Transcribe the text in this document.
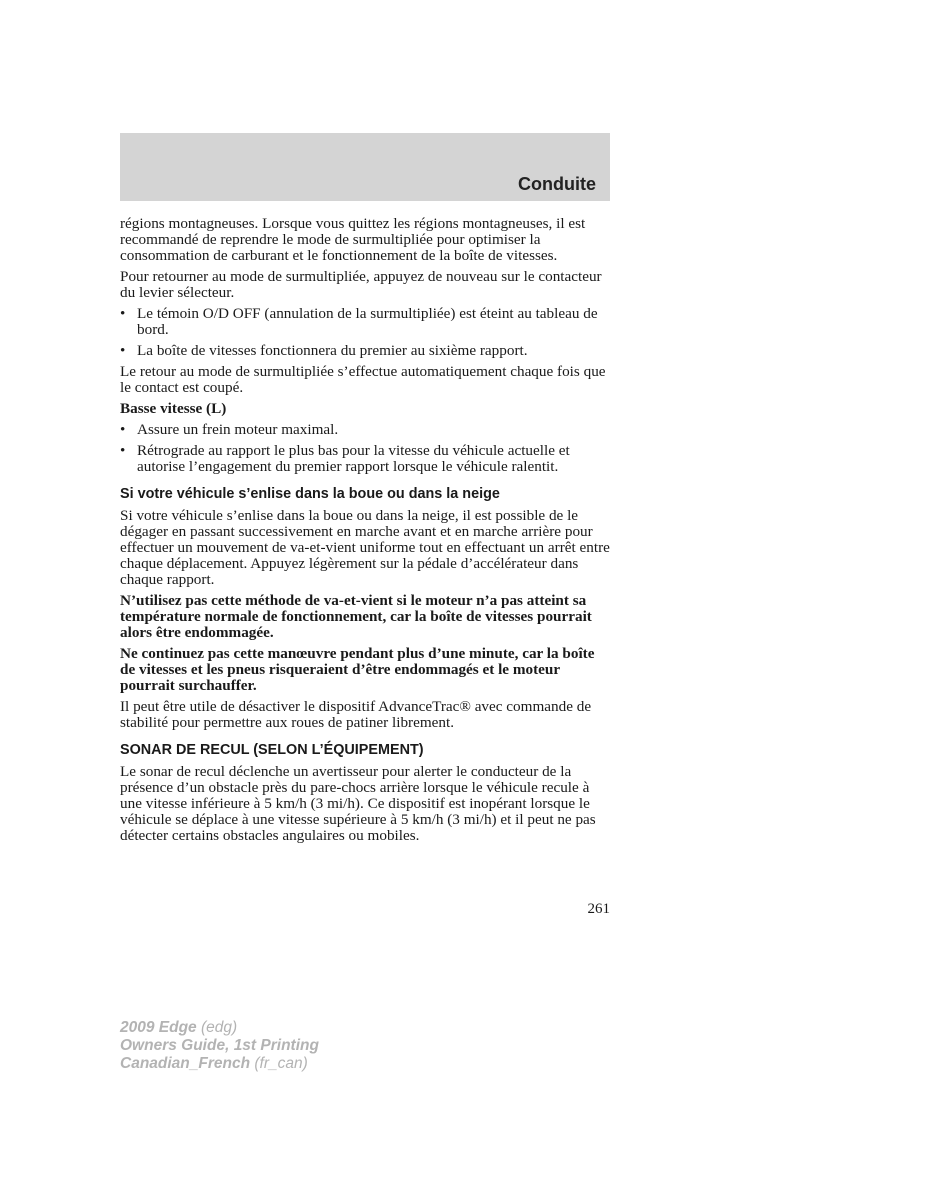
Conduite

régions montagneuses. Lorsque vous quittez les régions montagneuses, il est recommandé de reprendre le mode de surmultipliée pour optimiser la consommation de carburant et le fonctionnement de la boîte de vitesses.

Pour retourner au mode de surmultipliée, appuyez de nouveau sur le contacteur du levier sélecteur.

• Le témoin O/D OFF (annulation de la surmultipliée) est éteint au tableau de bord.
• La boîte de vitesses fonctionnera du premier au sixième rapport.

Le retour au mode de surmultipliée s’effectue automatiquement chaque fois que le contact est coupé.

Basse vitesse (L)

• Assure un frein moteur maximal.
• Rétrograde au rapport le plus bas pour la vitesse du véhicule actuelle et autorise l’engagement du premier rapport lorsque le véhicule ralentit.
Si votre véhicule s’enlise dans la boue ou dans la neige

Si votre véhicule s’enlise dans la boue ou dans la neige, il est possible de le dégager en passant successivement en marche avant et en marche arrière pour effectuer un mouvement de va-et-vient uniforme tout en effectuant un arrêt entre chaque déplacement. Appuyez légèrement sur la pédale d’accélérateur dans chaque rapport.

N’utilisez pas cette méthode de va-et-vient si le moteur n’a pas atteint sa température normale de fonctionnement, car la boîte de vitesses pourrait alors être endommagée.

Ne continuez pas cette manœuvre pendant plus d’une minute, car la boîte de vitesses et les pneus risqueraient d’être endommagés et le moteur pourrait surchauffer.

Il peut être utile de désactiver le dispositif AdvanceTrac® avec commande de stabilité pour permettre aux roues de patiner librement.

SONAR DE RECUL (SELON L’ÉQUIPEMENT)

Le sonar de recul déclenche un avertisseur pour alerter le conducteur de la présence d’un obstacle près du pare-chocs arrière lorsque le véhicule recule à une vitesse inférieure à 5 km/h (3 mi/h). Ce dispositif est inopérant lorsque le véhicule se déplace à une vitesse supérieure à 5 km/h (3 mi/h) et il peut ne pas détecter certains obstacles angulaires ou mobiles.

261
2009 Edge (edg)
Owners Guide, 1st Printing
Canadian_French (fr_can)
